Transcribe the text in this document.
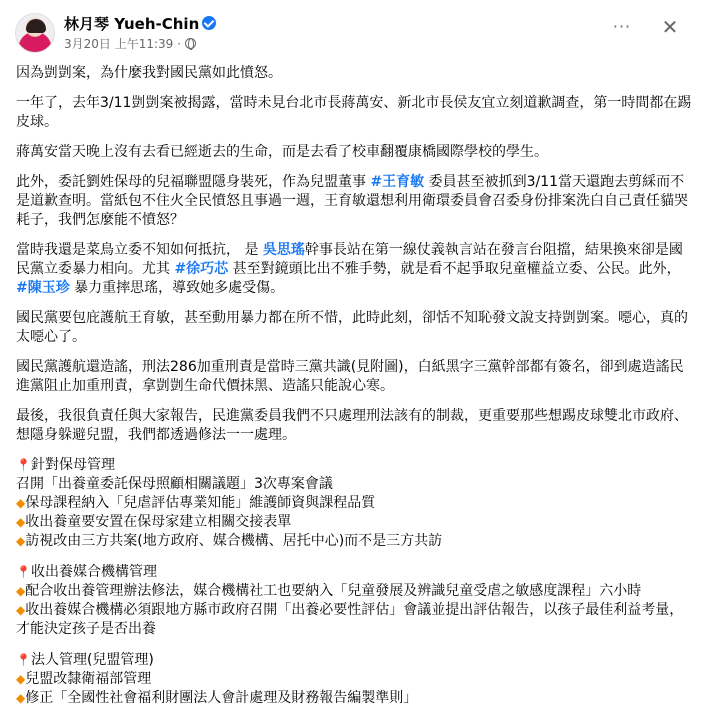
林月琴 Yueh-Chin
3月20日 上午11:39 ·
··· ✕

因為剴剴案，為什麼我對國民黨如此憤怒。

一年了，去年3/11剴剴案被揭露，當時未見台北市長蔣萬安、新北市長侯友宜立刻道歉調查，第一時間都在踢皮球。

蔣萬安當天晚上沒有去看已經逝去的生命，而是去看了校車翻覆康橋國際學校的學生。

此外，委託劉姓保母的兒福聯盟隱身裝死，作為兒盟董事 #王育敏 委員甚至被抓到3/11當天還跑去剪綵而不是道歉查明。當紙包不住火全民憤怒且事過一週，王育敏還想利用衛環委員會召委身份排案洗白自己責任貓哭耗子，我們怎麼能不憤怒？

當時我還是菜鳥立委不知如何抵抗， 是 吳思瑤幹事長站在第一線仗義執言站在發言台阻擋，結果換來卻是國民黨立委暴力相向。尤其 #徐巧芯 甚至對鏡頭比出不雅手勢，就是看不起爭取兒童權益立委、公民。此外，#陳玉珍 暴力重摔思瑤，導致她多處受傷。

國民黨要包庇護航王育敏，甚至動用暴力都在所不惜，此時此刻，卻恬不知恥發文說支持剴剴案。噁心，真的太噁心了。

國民黨護航還造謠，刑法286加重刑責是當時三黨共識(見附圖)，白紙黑字三黨幹部都有簽名，卻到處造謠民進黨阻止加重刑責，拿剴剴生命代價抹黑、造謠只能說心寒。

最後，我很負責任與大家報告，民進黨委員我們不只處理刑法該有的制裁，更重要那些想踢皮球雙北市政府、想隱身躲避兒盟，我們都透過修法一一處理。

📍針對保母管理
召開「出養童委託保母照顧相關議題」3次專案會議
◆保母課程納入「兒虐評估專業知能」維護師資與課程品質
◆收出養童要安置在保母家建立相關交接表單
◆訪視改由三方共案(地方政府、媒合機構、居托中心)而不是三方共訪
📍收出養媒合機構管理
◆配合收出養管理辦法修法，媒合機構社工也要納入「兒童發展及辨識兒童受虐之敏感度課程」六小時
◆收出養媒合機構必須跟地方縣市政府召開「出養必要性評估」會議並提出評估報告，以孩子最佳利益考量，才能決定孩子是否出養
📍法人管理(兒盟管理)
◆兒盟改隸衛福部管理
◆修正「全國性社會福利財團法人會計處理及財務報告編製準則」
